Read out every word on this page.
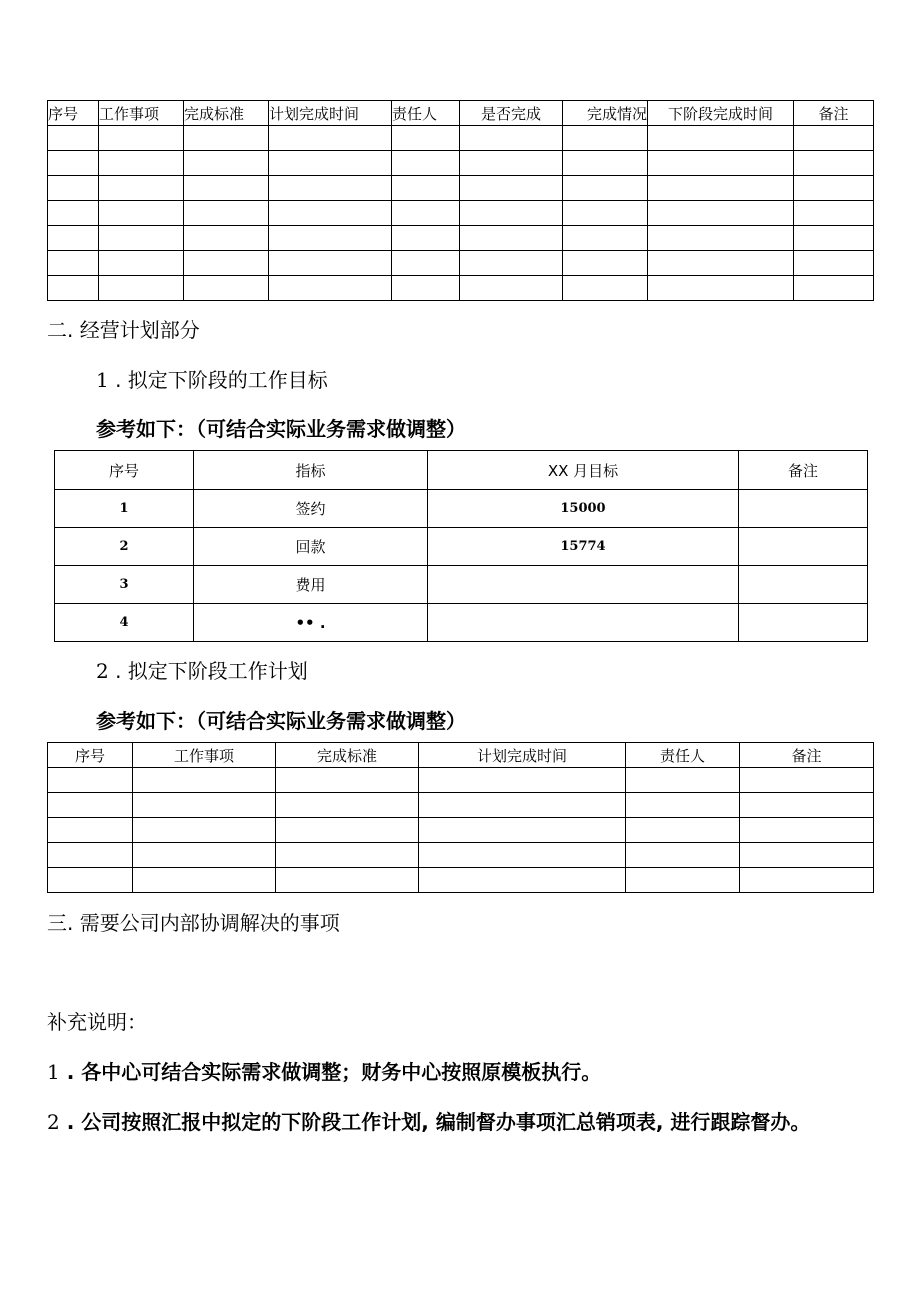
序号	工作事项	完成标准	计划完成时间	责任人	是否完成	完成情况	下阶段完成时间	备注

二. 经营计划部分
1 . 拟定下阶段的工作目标
参考如下：（可结合实际业务需求做调整）
序号	指标	XX 月目标	备注
1	签约	15000	
2	回款	15774	
3	费用		
4	•• .		
2 . 拟定下阶段工作计划
参考如下：（可结合实际业务需求做调整）
序号	工作事项	完成标准	计划完成时间	责任人	备注

三. 需要公司内部协调解决的事项
补充说明：
1 . 各中心可结合实际需求做调整；财务中心按照原模板执行。
2 . 公司按照汇报中拟定的下阶段工作计划, 编制督办事项汇总销项表, 进行跟踪督办。
